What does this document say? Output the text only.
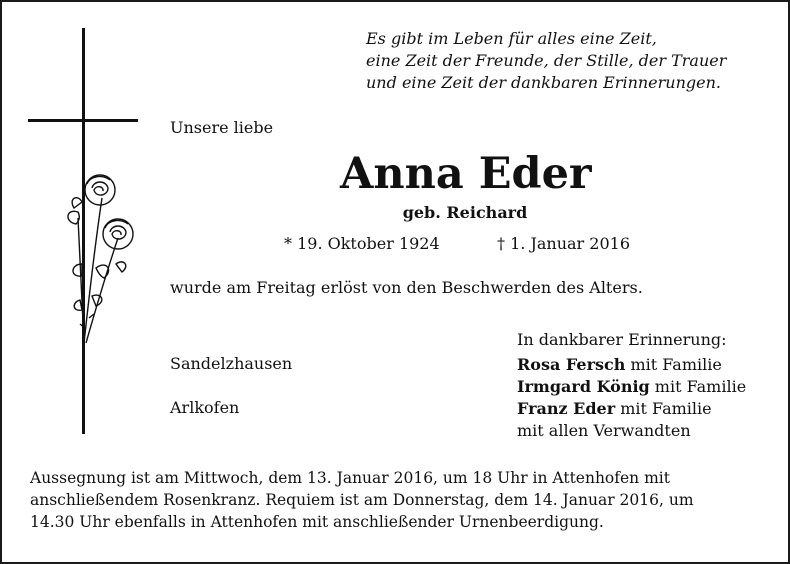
Es gibt im Leben für alles eine Zeit,
eine Zeit der Freunde, der Stille, der Trauer
und eine Zeit der dankbaren Erinnerungen.
Unsere liebe
Anna Eder
geb. Reichard
* 19. Oktober 1924	† 1. Januar 2016
wurde am Freitag erlöst von den Beschwerden des Alters.
In dankbarer Erinnerung:
Sandelzhausen
Arlkofen
Rosa Fersch mit Familie
Irmgard König mit Familie
Franz Eder mit Familie
mit allen Verwandten
Aussegnung ist am Mittwoch, dem 13. Januar 2016, um 18 Uhr in Attenhofen mit
anschließendem Rosenkranz. Requiem ist am Donnerstag, dem 14. Januar 2016, um
14.30 Uhr ebenfalls in Attenhofen mit anschließender Urnenbeerdigung.
